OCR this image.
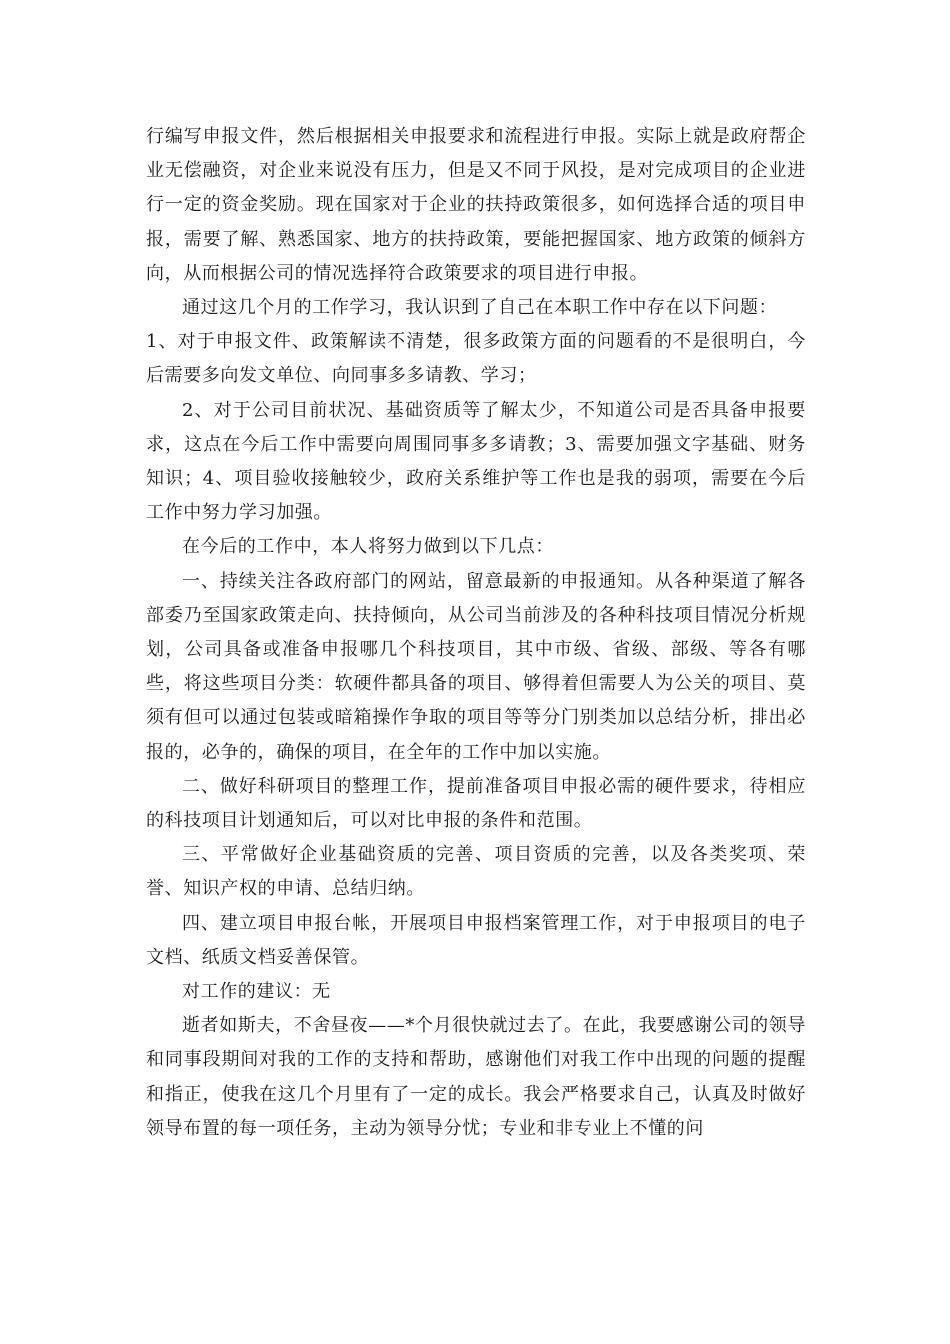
行编写申报文件，然后根据相关申报要求和流程进行申报。实际上就是政府帮企业无偿融资，对企业来说没有压力，但是又不同于风投，是对完成项目的企业进行一定的资金奖励。现在国家对于企业的扶持政策很多，如何选择合适的项目申报，需要了解、熟悉国家、地方的扶持政策，要能把握国家、地方政策的倾斜方向，从而根据公司的情况选择符合政策要求的项目进行申报。

通过这几个月的工作学习，我认识到了自己在本职工作中存在以下问题：

1、对于申报文件、政策解读不清楚，很多政策方面的问题看的不是很明白，今后需要多向发文单位、向同事多多请教、学习；

2、对于公司目前状况、基础资质等了解太少，不知道公司是否具备申报要求，这点在今后工作中需要向周围同事多多请教；3、需要加强文字基础、财务知识；4、项目验收接触较少，政府关系维护等工作也是我的弱项，需要在今后工作中努力学习加强。

在今后的工作中，本人将努力做到以下几点：

一、持续关注各政府部门的网站，留意最新的申报通知。从各种渠道了解各部委乃至国家政策走向、扶持倾向，从公司当前涉及的各种科技项目情况分析规划，公司具备或准备申报哪几个科技项目，其中市级、省级、部级、等各有哪些，将这些项目分类：软硬件都具备的项目、够得着但需要人为公关的项目、莫须有但可以通过包装或暗箱操作争取的项目等等分门别类加以总结分析，排出必报的，必争的，确保的项目，在全年的工作中加以实施。

二、做好科研项目的整理工作，提前准备项目申报必需的硬件要求，待相应的科技项目计划通知后，可以对比申报的条件和范围。

三、平常做好企业基础资质的完善、项目资质的完善，以及各类奖项、荣誉、知识产权的申请、总结归纳。

四、建立项目申报台帐，开展项目申报档案管理工作，对于申报项目的电子文档、纸质文档妥善保管。

对工作的建议：无

逝者如斯夫，不舍昼夜——*个月很快就过去了。在此，我要感谢公司的领导和同事段期间对我的工作的支持和帮助，感谢他们对我工作中出现的问题的提醒和指正，使我在这几个月里有了一定的成长。我会严格要求自己，认真及时做好领导布置的每一项任务，主动为领导分忧；专业和非专业上不懂的问
